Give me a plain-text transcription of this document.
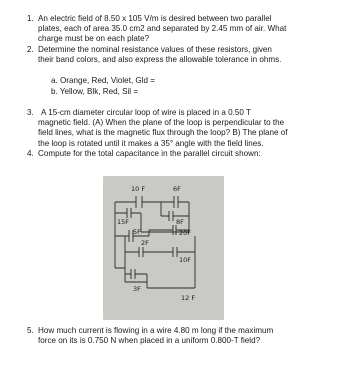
1. An electric field of 8.50 x 105 V/m is desired between two parallel
plates, each of area 35.0 cm2 and separated by 2.45 mm of air. What
charge must be on each plate?
2. Determine the nominal resistance values of these resistors, given
their band colors, and also express the allowable tolerance in ohms.
a. Orange, Red, Violet, Gld =
b. Yellow, Blk, Red, Sil =
3. A 15-cm diameter circular loop of wire is placed in a 0.50 T
magnetic field. (A) When the plane of the loop is perpendicular to the
field lines, what is the magnetic flux through the loop? B) The plane of
the loop is rotated until it makes a 35° angle with the field lines.
4. Compute for the total capacitance in the parallel circuit shown:
10 F	6F
15F	8F
5F	20F
2F
10F
3F
12 F
5. How much current is flowing in a wire 4.80 m long if the maximum
force on its is 0.750 N when placed in a uniform 0.800-T field?
